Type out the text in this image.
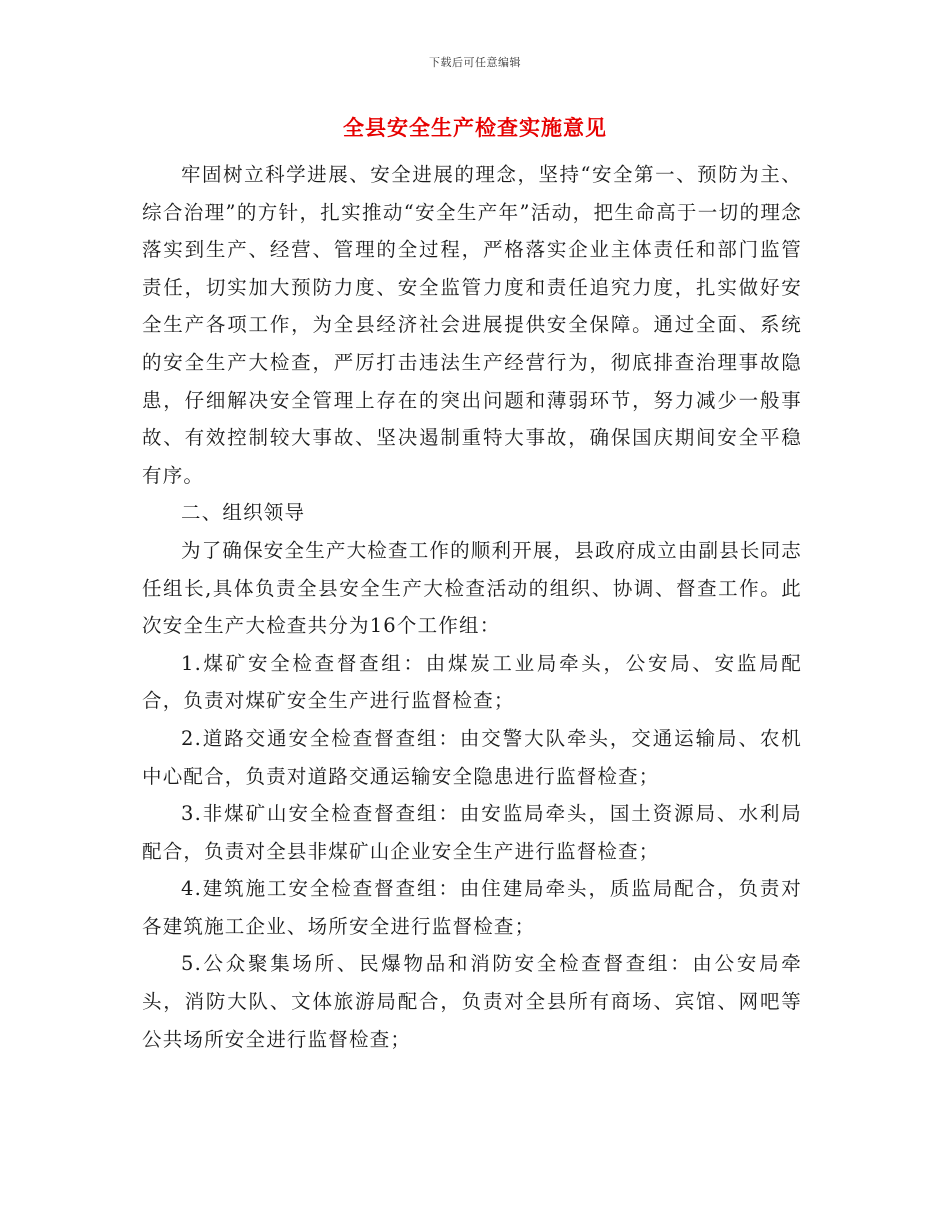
下载后可任意编辑
全县安全生产检查实施意见

牢固树立科学进展、安全进展的理念，坚持“安全第一、预防为主、综合治理”的方针，扎实推动“安全生产年”活动，把生命高于一切的理念落实到生产、经营、管理的全过程，严格落实企业主体责任和部门监管责任，切实加大预防力度、安全监管力度和责任追究力度，扎实做好安全生产各项工作，为全县经济社会进展提供安全保障。通过全面、系统的安全生产大检查，严厉打击违法生产经营行为，彻底排查治理事故隐患，仔细解决安全管理上存在的突出问题和薄弱环节，努力减少一般事故、有效控制较大事故、坚决遏制重特大事故，确保国庆期间安全平稳有序。

二、组织领导

为了确保安全生产大检查工作的顺利开展，县政府成立由副县长同志任组长,具体负责全县安全生产大检查活动的组织、协调、督查工作。此次安全生产大检查共分为16个工作组：

1.煤矿安全检查督查组：由煤炭工业局牵头，公安局、安监局配合，负责对煤矿安全生产进行监督检查；

2.道路交通安全检查督查组：由交警大队牵头，交通运输局、农机中心配合，负责对道路交通运输安全隐患进行监督检查；

3.非煤矿山安全检查督查组：由安监局牵头，国土资源局、水利局配合，负责对全县非煤矿山企业安全生产进行监督检查；

4.建筑施工安全检查督查组：由住建局牵头，质监局配合，负责对各建筑施工企业、场所安全进行监督检查；

5.公众聚集场所、民爆物品和消防安全检查督查组：由公安局牵头，消防大队、文体旅游局配合，负责对全县所有商场、宾馆、网吧等公共场所安全进行监督检查；
